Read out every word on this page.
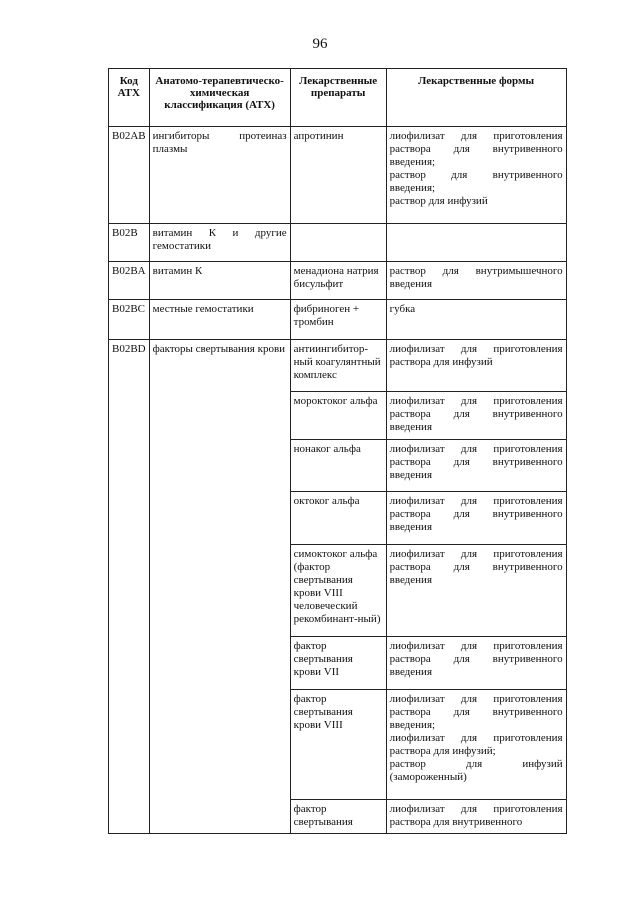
96
Код АТХ	Анатомо-терапевтическо-химическая классификация (АТХ)	Лекарственные препараты	Лекарственные формы
B02AB	ингибиторы протеиназ плазмы	апротинин	лиофилизат для приготовления раствора для внутривенного введения;
раствор для внутривенного введения;
раствор для инфузий

B02B	витамин К и другие гемостатики		
B02BA	витамин К	менадиона натрия бисульфит	раствор для внутримышечного введения

B02BC	местные гемостатики	фибриноген + тромбин	губка

B02BD	факторы свертывания крови	антиингибитор-ный коагулянтный комплекс	лиофилизат для приготовления раствора для инфузий

		мороктоког альфа	лиофилизат для приготовления раствора для внутривенного введения

		нонаког альфа	лиофилизат для приготовления раствора для внутривенного введения

		октоког альфа	лиофилизат для приготовления раствора для внутривенного введения

		симоктоког альфа (фактор свертывания крови VIII человеческий рекомбинант-ный)	лиофилизат для приготовления раствора для внутривенного введения

		фактор свертывания крови VII	лиофилизат для приготовления раствора для внутривенного введения

		фактор свертывания крови VIII	лиофилизат для приготовления раствора для внутривенного введения;
лиофилизат для приготовления раствора для инфузий;
раствор для инфузий (замороженный)

		фактор свертывания	лиофилизат для приготовления раствора для внутривенного
